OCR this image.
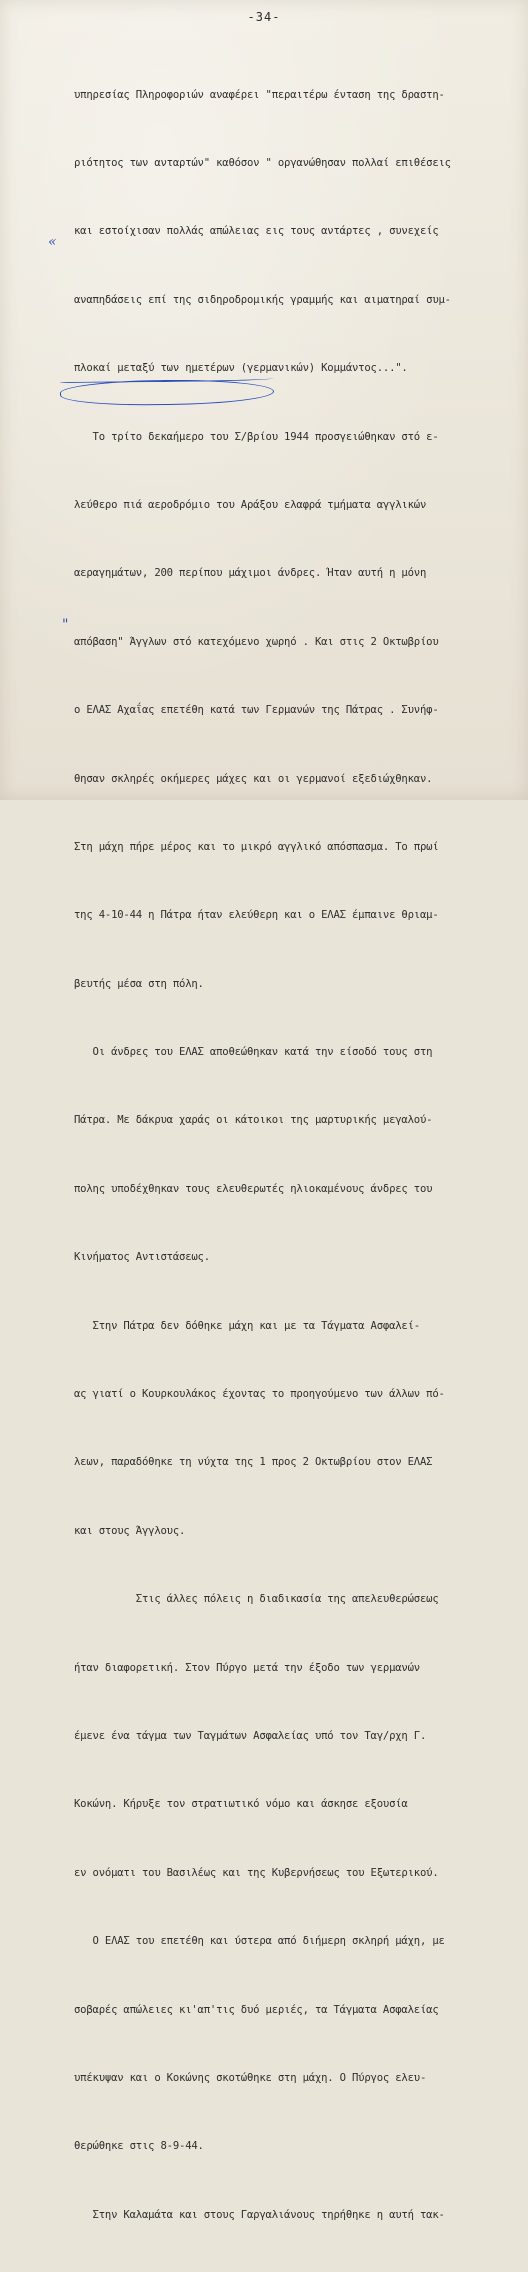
-34-

υπηρεσίας Πληροφοριών αναφέρει "περαιτέρω ένταση της δραστη-

ριότητος των ανταρτών" καθόσον " οργανώθησαν πολλαί επιθέσεις

και εστοίχισαν πολλάς απώλειας εις τους αντάρτες , συνεχείς

αναπηδάσεις επί της σιδηροδρομικής γραμμής και αιματηραί συμ-

πλοκαί μεταξύ των ημετέρων (γερμανικών) Κομμάντος...".

Το τρίτο δεκαήμερο του Σ/βρίου 1944 προσγειώθηκαν στό ε-

λεύθερο πιά αεροδρόμιο του Αράξου ελαφρά τμήματα αγγλικών

αεραγημάτων, 200 περίπου μάχιμοι άνδρες. Ήταν αυτή η μόνη

απόβαση" Άγγλων στό κατεχόμενο χωρηό . Και στις 2 Οκτωβρίου

ο ΕΛΑΣ Αχαΐας επετέθη κατά των Γερμανών της Πάτρας . Συνήφ-

θησαν σκληρές οκήμερες μάχες και οι γερμανοί εξεδιώχθηκαν.

Στη μάχη πήρε μέρος και το μικρό αγγλικό απόσπασμα. Το πρωί

της 4-10-44 η Πάτρα ήταν ελεύθερη και ο ΕΛΑΣ έμπαινε θριαμ-

βευτής μέσα στη πόλη.

Οι άνδρες του ΕΛΑΣ αποθεώθηκαν κατά την είσοδό τους στη

Πάτρα. Με δάκρυα χαράς οι κάτοικοι της μαρτυρικής μεγαλού-

πολης υποδέχθηκαν τους ελευθερωτές ηλιοκαμένους άνδρες του

Κινήματος Αντιστάσεως.

Στην Πάτρα δεν δόθηκε μάχη και με τα Τάγματα Ασφαλεί-

ας γιατί ο Κουρκουλάκος έχοντας το προηγούμενο των άλλων πό-

λεων, παραδόθηκε τη νύχτα της 1 προς 2 Οκτωβρίου στον ΕΛΑΣ

και στους Άγγλους.

Στις άλλες πόλεις η διαδικασία της απελευθερώσεως

ήταν διαφορετική. Στον Πύργο μετά την έξοδο των γερμανών

έμενε ένα τάγμα των Ταγμάτων Ασφαλείας υπό τον Ταγ/ρχη Γ.

Κοκώνη. Κήρυξε τον στρατιωτικό νόμο και άσκησε εξουσία

εν ονόματι του Βασιλέως και της Κυβερνήσεως του Εξωτερικού.

Ο ΕΛΑΣ του επετέθη και ύστερα από διήμερη σκληρή μάχη, με

σοβαρές απώλειες κι'απ'τις δυό μεριές, τα Τάγματα Ασφαλείας

υπέκυψαν και ο Κοκώνης σκοτώθηκε στη μάχη. Ο Πύργος ελευ-

θερώθηκε στις 8-9-44.

Στην Καλαμάτα και στους Γαργαλιάνους τηρήθηκε η αυτή τακ-

«
"
